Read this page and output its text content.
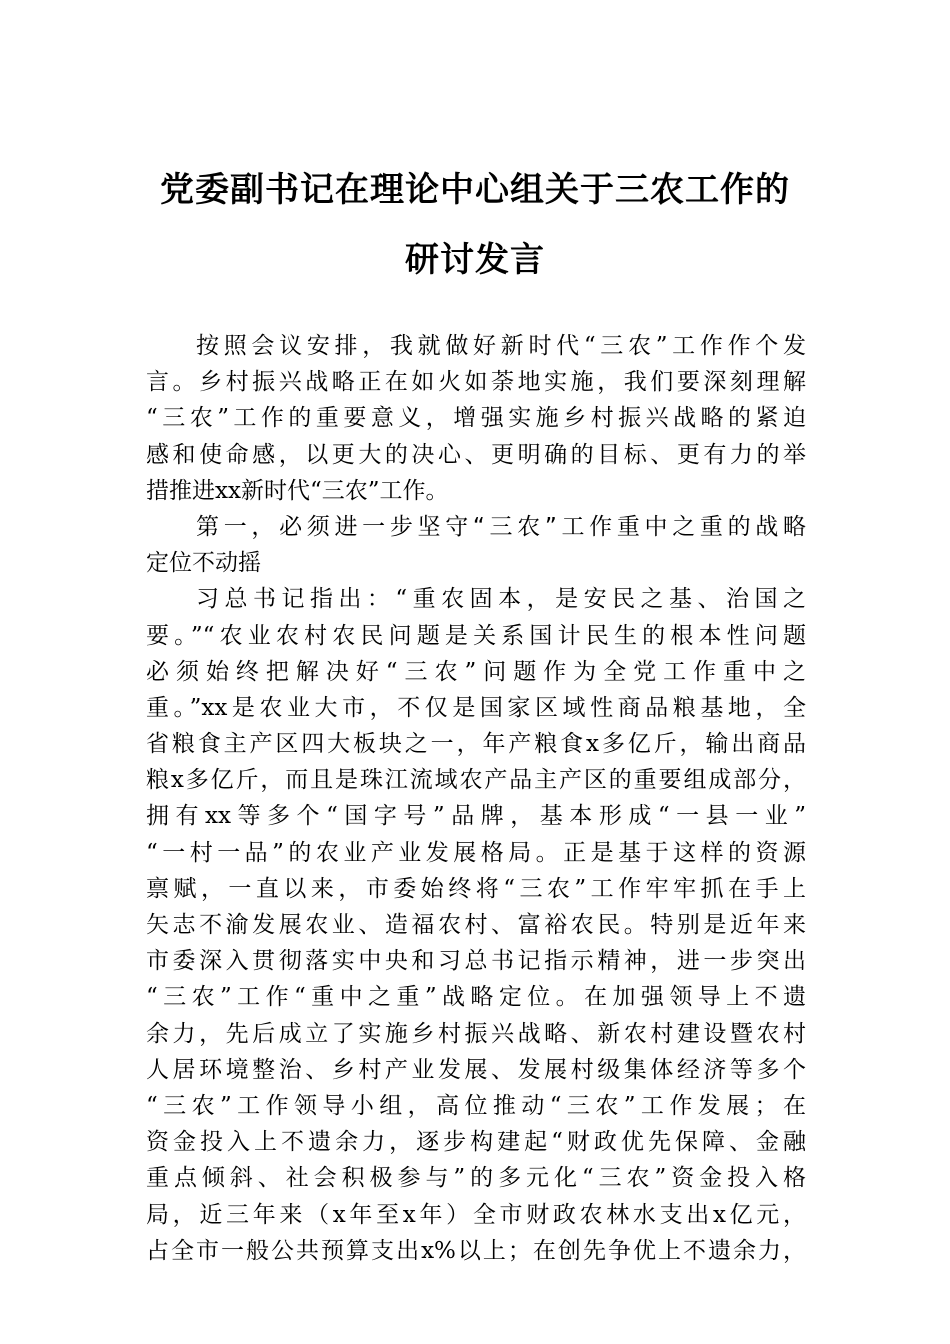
党委副书记在理论中心组关于三农工作的
研讨发言
按照会议安排，我就做好新时代“三农”工作作个发
言。乡村振兴战略正在如火如荼地实施，我们要深刻理解
“三农”工作的重要意义，增强实施乡村振兴战略的紧迫
感和使命感，以更大的决心、更明确的目标、更有力的举
措推进xx新时代“三农”工作。
第一，必须进一步坚守“三农”工作重中之重的战略
定位不动摇
习总书记指出：“重农固本，是安民之基、治国之
要。”“农业农村农民问题是关系国计民生的根本性问题
必须始终把解决好“三农”问题作为全党工作重中之
重。”xx是农业大市，不仅是国家区域性商品粮基地，全
省粮食主产区四大板块之一，年产粮食x多亿斤，输出商品
粮x多亿斤，而且是珠江流域农产品主产区的重要组成部分，
拥有xx等多个“国字号”品牌，基本形成“一县一业”
“一村一品”的农业产业发展格局。正是基于这样的资源
禀赋，一直以来，市委始终将“三农”工作牢牢抓在手上
矢志不渝发展农业、造福农村、富裕农民。特别是近年来
市委深入贯彻落实中央和习总书记指示精神，进一步突出
“三农”工作“重中之重”战略定位。在加强领导上不遗
余力，先后成立了实施乡村振兴战略、新农村建设暨农村
人居环境整治、乡村产业发展、发展村级集体经济等多个
“三农”工作领导小组，高位推动“三农”工作发展；在
资金投入上不遗余力，逐步构建起“财政优先保障、金融
重点倾斜、社会积极参与”的多元化“三农”资金投入格
局，近三年来（x年至x年）全市财政农林水支出x亿元，
占全市一般公共预算支出x%以上；在创先争优上不遗余力，
